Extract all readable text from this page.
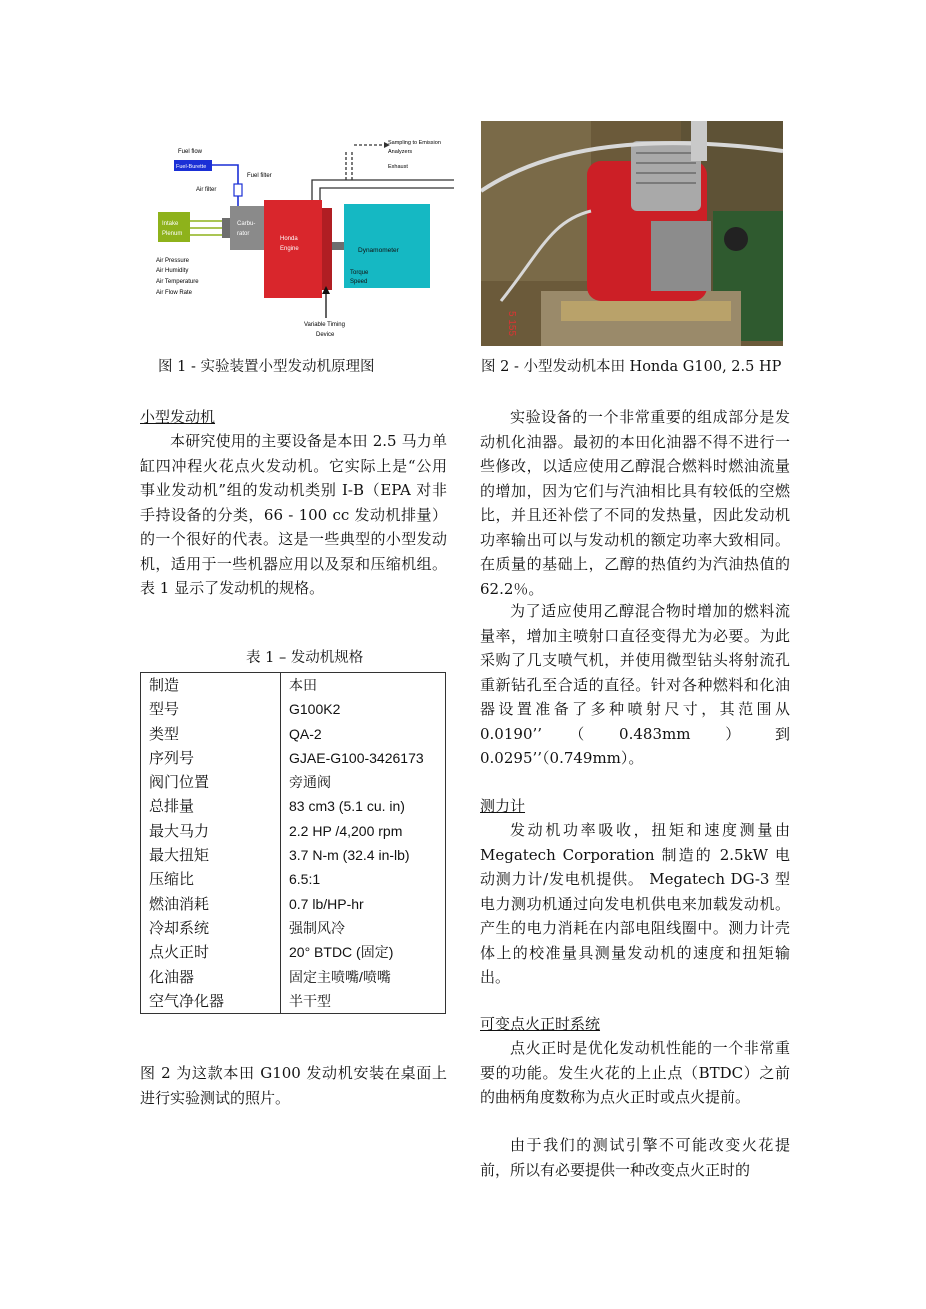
Fuel flow
Fuel-Burette
Fuel filter
Air filter
Intake
Plenum
Carbu-
rator
Honda
Engine
Sampling to Emission
Analyzers
Exhaust
Dynamometer
Torque
Speed
Air Pressure
Air Humidity
Air Temperature
Air Flow Rate
Variable Timing
Device
图 1 - 实验装置小型发动机原理图
小型发动机

本研究使用的主要设备是本田 2.5 马力单缸四冲程火花点火发动机。它实际上是“公用事业发动机”组的发动机类别 I-B（EPA 对非手持设备的分类，66 - 100 cc 发动机排量）的一个很好的代表。这是一些典型的小型发动机，适用于一些机器应用以及泵和压缩机组。表 1 显示了发动机的规格。

表 1 – 发动机规格
制造	本田
型号	G100K2
类型	QA-2
序列号	GJAE-G100-3426173
阀门位置	旁通阀
总排量	83 cm3 (5.1 cu. in)
最大马力	2.2 HP /4,200 rpm
最大扭矩	3.7 N-m (32.4 in-lb)
压缩比	6.5:1
燃油消耗	0.7 lb/HP-hr
冷却系统	强制风冷
点火正时	20° BTDC (固定)
化油器	固定主喷嘴/喷嘴
空气净化器	半干型

图 2 为这款本田 G100 发动机安装在桌面上进行实验测试的照片。

5 155
图 2 - 小型发动机本田 Honda G100, 2.5 HP

实验设备的一个非常重要的组成部分是发动机化油器。最初的本田化油器不得不进行一些修改，以适应使用乙醇混合燃料时燃油流量的增加，因为它们与汽油相比具有较低的空燃比，并且还补偿了不同的发热量，因此发动机功率输出可以与发动机的额定功率大致相同。在质量的基础上，乙醇的热值约为汽油热值的 62.2％。

为了适应使用乙醇混合物时增加的燃料流量率，增加主喷射口直径变得尤为必要。为此采购了几支喷气机，并使用微型钻头将射流孔重新钻孔至合适的直径。针对各种燃料和化油器设置准备了多种喷射尺寸，其范围从 0.0190’’（0.483mm）到 0.0295’’（0.749mm）。

测力计

发动机功率吸收，扭矩和速度测量由 Megatech Corporation 制造的 2.5kW 电动测力计/发电机提供。 Megatech DG-3 型电力测功机通过向发电机供电来加载发动机。产生的电力消耗在内部电阻线圈中。测力计壳体上的校准量具测量发动机的速度和扭矩输出。

可变点火正时系统

点火正时是优化发动机性能的一个非常重要的功能。发生火花的上止点（BTDC）之前的曲柄角度数称为点火正时或点火提前。

由于我们的测试引擎不可能改变火花提前，所以有必要提供一种改变点火正时的
